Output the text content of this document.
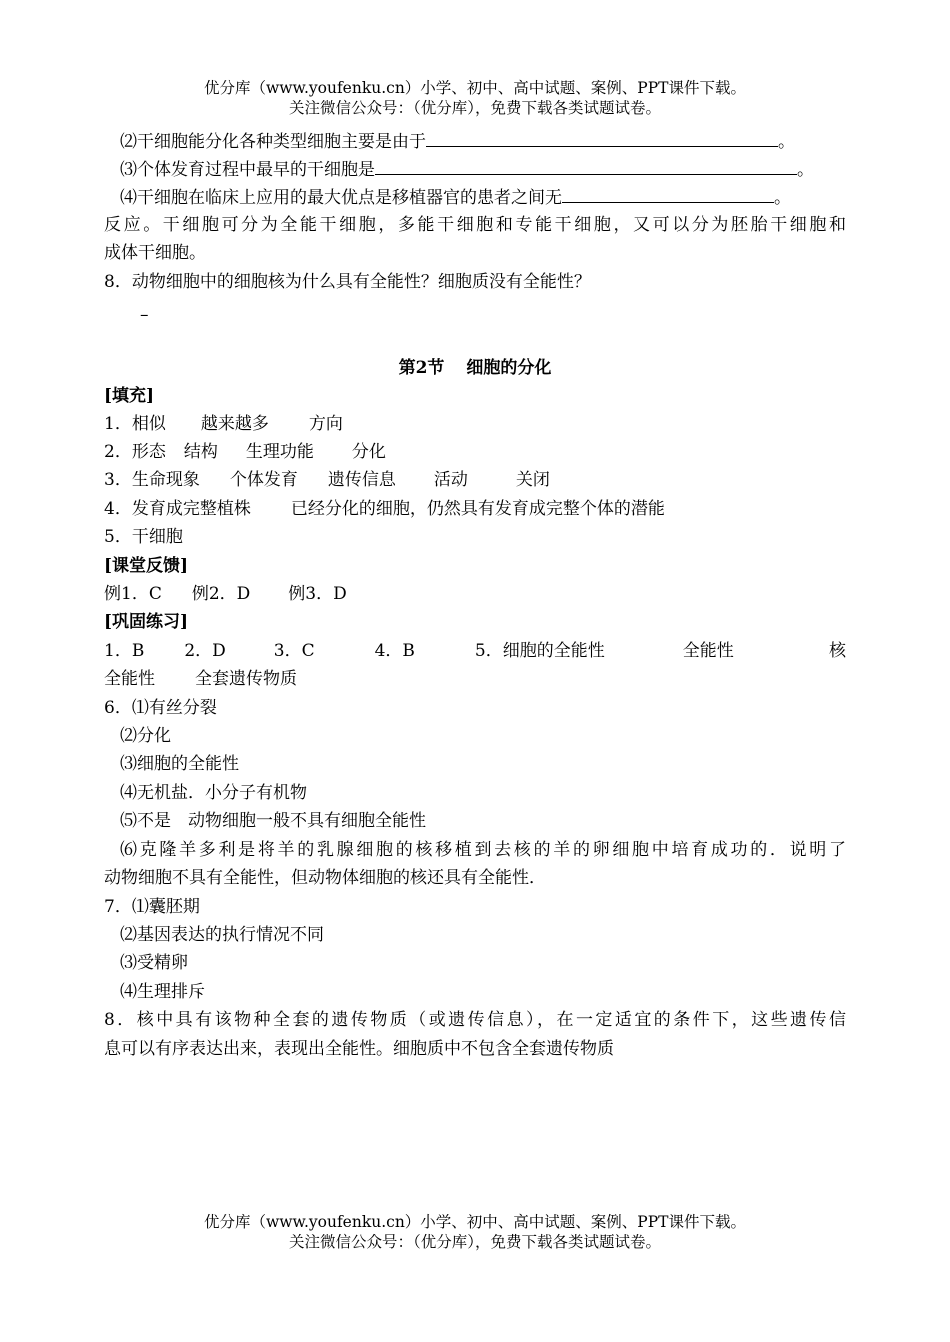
优分库（www.youfenku.cn）小学、初中、高中试题、案例、PPT课件下载。
关注微信公众号：（优分库），免费下载各类试题试卷。
⑵干细胞能分化各种类型细胞主要是由于	。
⑶个体发育过程中最早的干细胞是	。
⑷干细胞在临床上应用的最大优点是移植器官的患者之间无	。
反应。干细胞可分为全能干细胞，多能干细胞和专能干细胞，又可以分为胚胎干细胞和
成体干细胞。
8．动物细胞中的细胞核为什么具有全能性？细胞质没有全能性？
–
第2节 细胞的分化
[填充]
1．相似 越来越多 方向
2．形态 结构 生理功能 分化
3．生命现象 个体发育 遗传信息 活动	关闭
4．发育成完整植株 已经分化的细胞，仍然具有发育成完整个体的潜能
5．干细胞
[课堂反馈]
例1．C 例2．D 例3．D
[巩固练习]
1．B 2．D	3．C	4．B	5．细胞的全能性	全能性	核
全能性 全套遗传物质
6．⑴有丝分裂
⑵分化
⑶细胞的全能性
⑷无机盐．小分子有机物
⑸不是　动物细胞一般不具有细胞全能性
⑹克隆羊多利是将羊的乳腺细胞的核移植到去核的羊的卵细胞中培育成功的．说明了
动物细胞不具有全能性，但动物体细胞的核还具有全能性．
7．⑴囊胚期
⑵基因表达的执行情况不同
⑶受精卵
⑷生理排斥
8．核中具有该物种全套的遗传物质（或遗传信息），在一定适宜的条件下，这些遗传信
息可以有序表达出来，表现出全能性。细胞质中不包含全套遗传物质
优分库（www.youfenku.cn）小学、初中、高中试题、案例、PPT课件下载。
关注微信公众号：（优分库），免费下载各类试题试卷。
